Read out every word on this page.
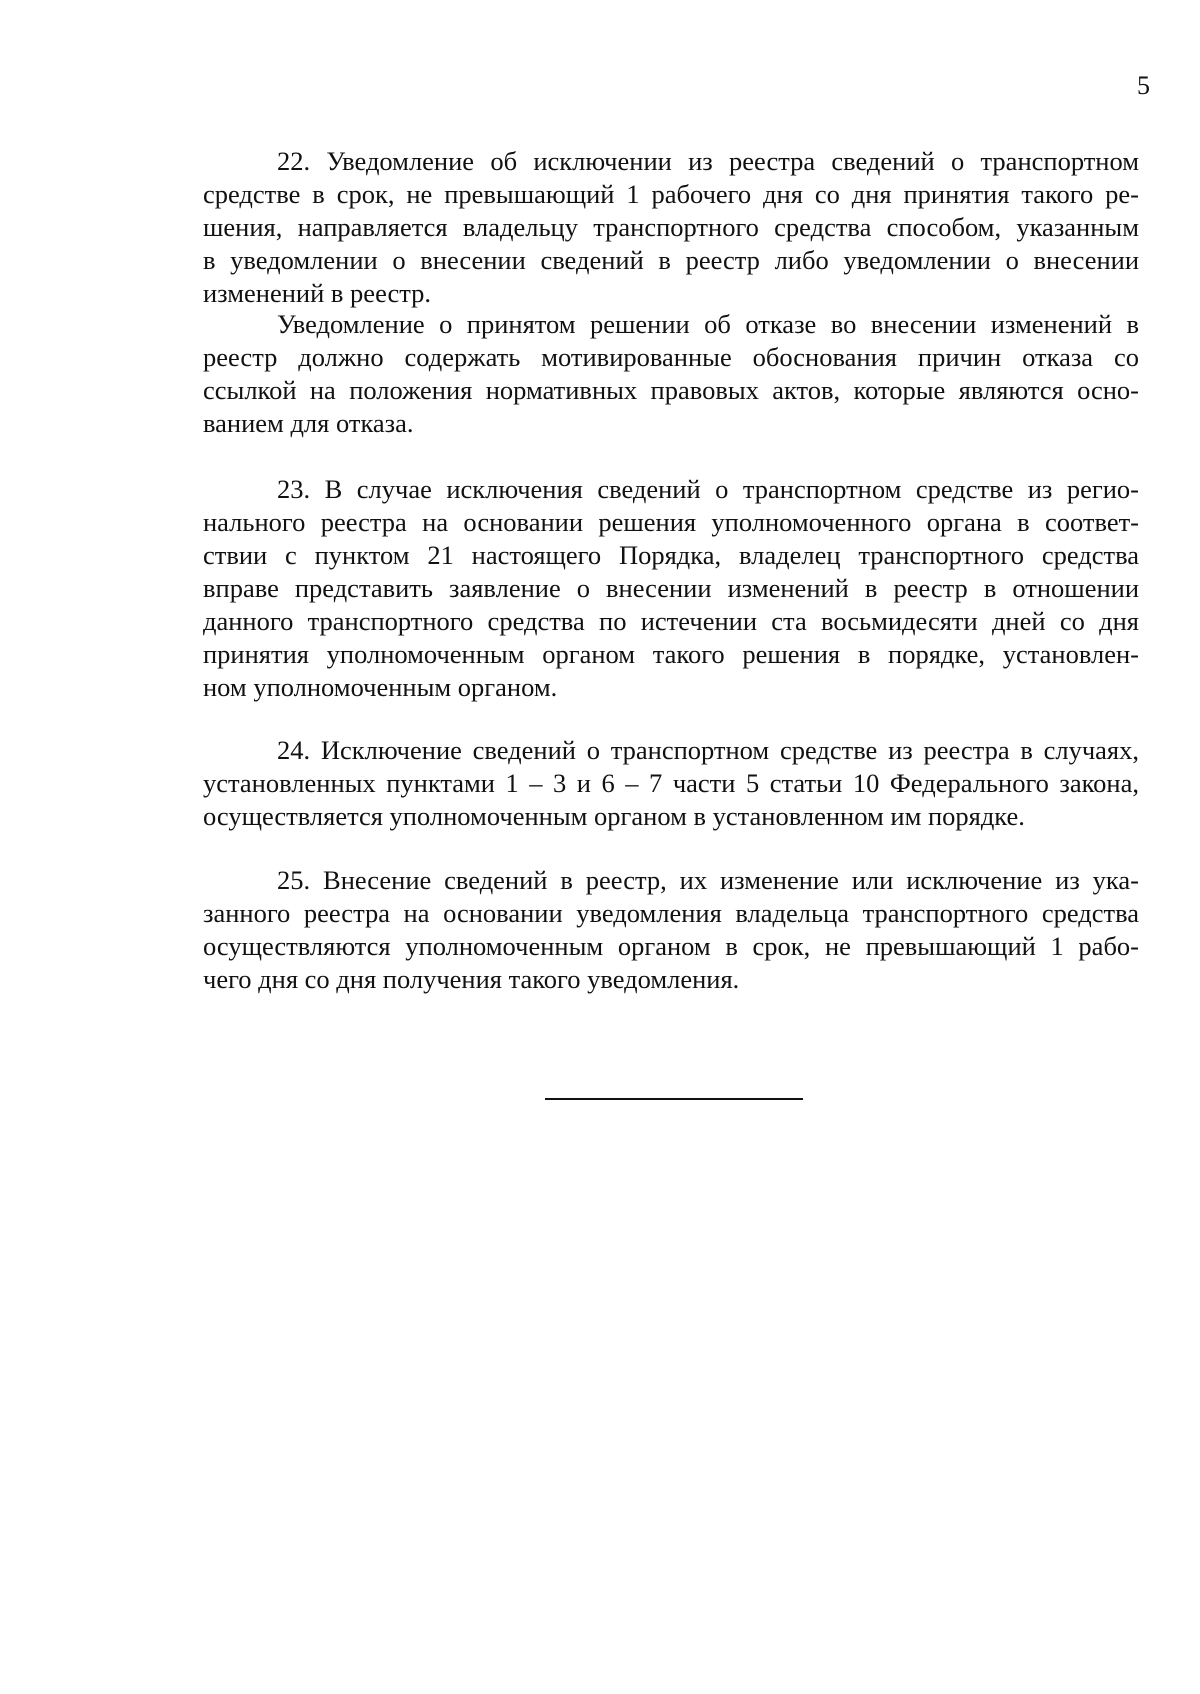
5

22. Уведомление об исключении из реестра сведений о транспортном
средстве в срок, не превышающий 1 рабочего дня со дня принятия такого ре-
шения, направляется владельцу транспортного средства способом, указанным
в уведомлении о внесении сведений в реестр либо уведомлении о внесении
изменений в реестр.

Уведомление о принятом решении об отказе во внесении изменений в
реестр должно содержать мотивированные обоснования причин отказа со
ссылкой на положения нормативных правовых актов, которые являются осно-
ванием для отказа.

23. В случае исключения сведений о транспортном средстве из регио-
нального реестра на основании решения уполномоченного органа в соответ-
ствии с пунктом 21 настоящего Порядка, владелец транспортного средства
вправе представить заявление о внесении изменений в реестр в отношении
данного транспортного средства по истечении ста восьмидесяти дней со дня
принятия уполномоченным органом такого решения в порядке, установлен-
ном уполномоченным органом.

24. Исключение сведений о транспортном средстве из реестра в случаях,
установленных пунктами 1 – 3 и 6 – 7 части 5 статьи 10 Федерального закона,
осуществляется уполномоченным органом в установленном им порядке.

25. Внесение сведений в реестр, их изменение или исключение из ука-
занного реестра на основании уведомления владельца транспортного средства
осуществляются уполномоченным органом в срок, не превышающий 1 рабо-
чего дня со дня получения такого уведомления.
